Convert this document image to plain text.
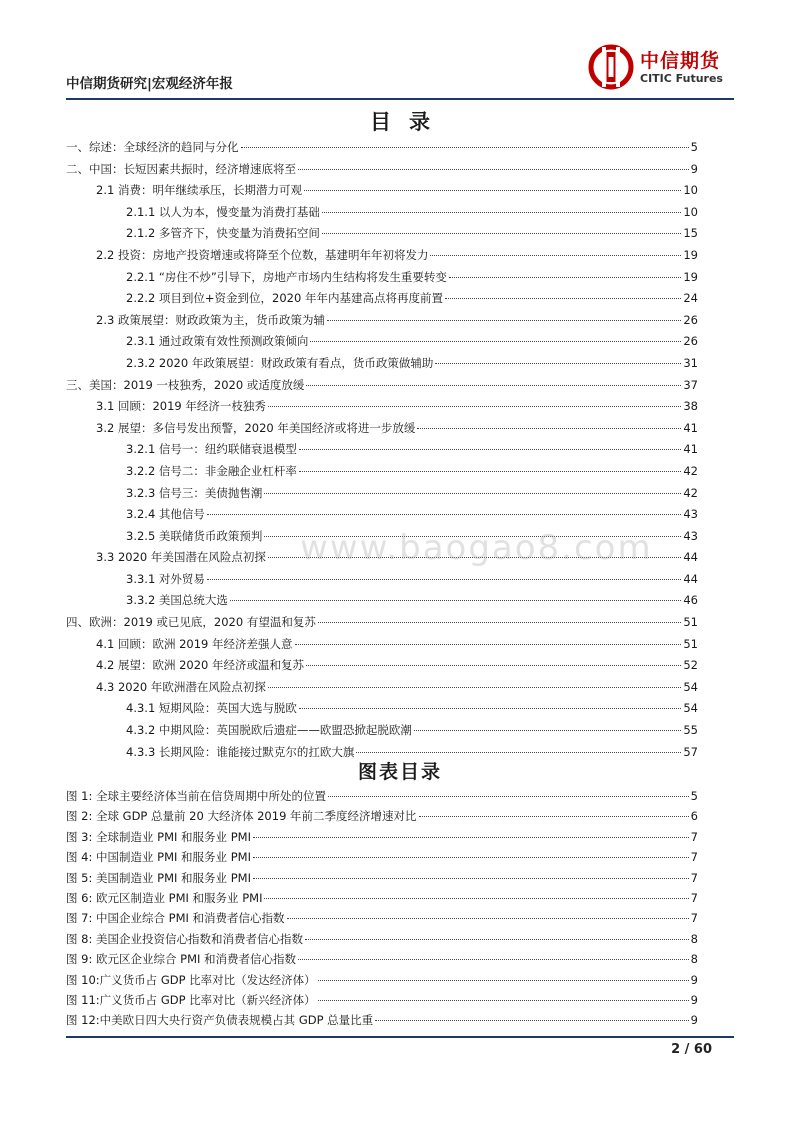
中信期货研究|宏观经济年报
中信期货
CITIC Futures
目录
一、综述：全球经济的趋同与分化	5
二、中国：长短因素共振时，经济增速底将至	9
2.1 消费：明年继续承压，长期潜力可观	10
2.1.1 以人为本，慢变量为消费打基础	10
2.1.2 多管齐下，快变量为消费拓空间	15
2.2 投资：房地产投资增速或将降至个位数，基建明年年初将发力	19
2.2.1 “房住不炒”引导下，房地产市场内生结构将发生重要转变	19
2.2.2 项目到位+资金到位，2020 年年内基建高点将再度前置	24
2.3 政策展望：财政政策为主，货币政策为辅	26
2.3.1 通过政策有效性预测政策倾向	26
2.3.2 2020 年政策展望：财政政策有看点，货币政策做辅助	31
三、美国：2019 一枝独秀，2020 或适度放缓	37
3.1 回顾：2019 年经济一枝独秀	38
3.2 展望：多信号发出预警，2020 年美国经济或将进一步放缓	41
3.2.1 信号一：纽约联储衰退模型	41
3.2.2 信号二：非金融企业杠杆率	42
3.2.3 信号三：美债抛售潮	42
3.2.4 其他信号	43
3.2.5 美联储货币政策预判	43
3.3 2020 年美国潜在风险点初探	44
3.3.1 对外贸易	44
3.3.2 美国总统大选	46
四、欧洲：2019 或已见底，2020 有望温和复苏	51
4.1 回顾：欧洲 2019 年经济差强人意	51
4.2 展望：欧洲 2020 年经济或温和复苏	52
4.3 2020 年欧洲潜在风险点初探	54
4.3.1 短期风险：英国大选与脱欧	54
4.3.2 中期风险：英国脱欧后遗症——欧盟恐掀起脱欧潮	55
4.3.3 长期风险：谁能接过默克尔的扛欧大旗	57
www.baogao8.com
图表目录
图 1: 全球主要经济体当前在信贷周期中所处的位置	5
图 2: 全球 GDP 总量前 20 大经济体 2019 年前二季度经济增速对比	6
图 3: 全球制造业 PMI 和服务业 PMI	7
图 4: 中国制造业 PMI 和服务业 PMI	7
图 5: 美国制造业 PMI 和服务业 PMI	7
图 6: 欧元区制造业 PMI 和服务业 PMI	7
图 7: 中国企业综合 PMI 和消费者信心指数	7
图 8: 美国企业投资信心指数和消费者信心指数	8
图 9: 欧元区企业综合 PMI 和消费者信心指数	8
图 10:广义货币占 GDP 比率对比（发达经济体）	9
图 11:广义货币占 GDP 比率对比（新兴经济体）	9
图 12:中美欧日四大央行资产负债表规模占其 GDP 总量比重	9
2 / 60
